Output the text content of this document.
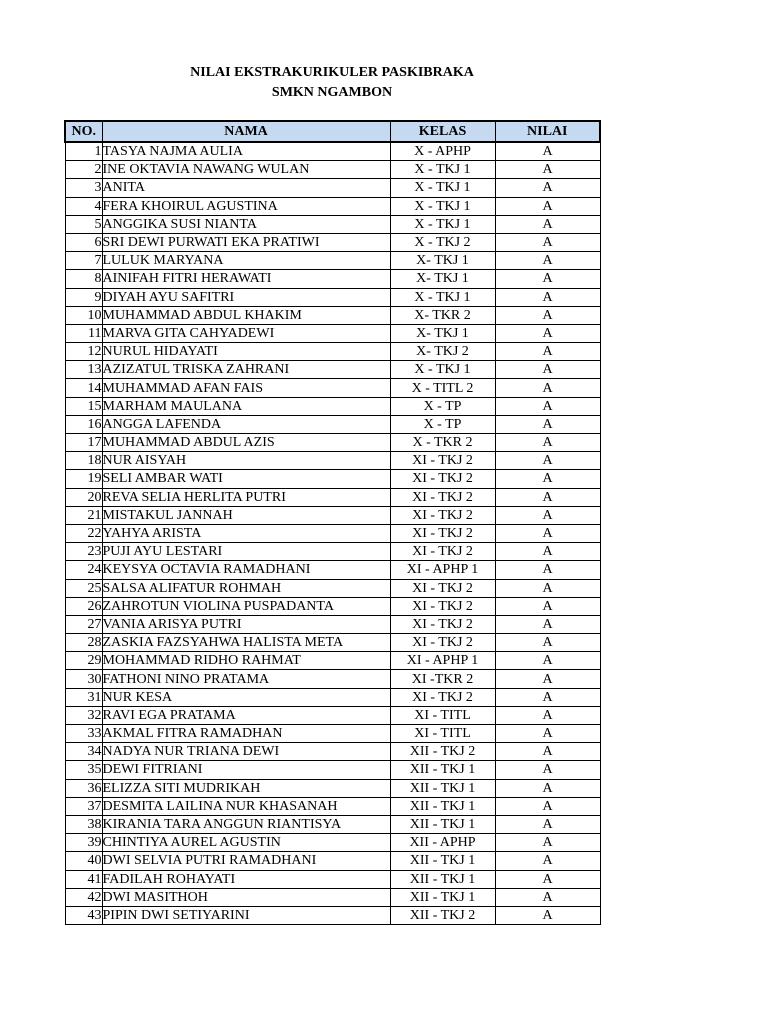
NILAI EKSTRAKURIKULER PASKIBRAKA
SMKN NGAMBON
NO.	NAMA	KELAS	NILAI
1	TASYA NAJMA AULIA	X - APHP	A
2	INE OKTAVIA NAWANG WULAN	X - TKJ 1	A
3	ANITA	X - TKJ 1	A
4	FERA KHOIRUL AGUSTINA	X - TKJ 1	A
5	ANGGIKA SUSI NIANTA	X - TKJ 1	A
6	SRI DEWI PURWATI EKA PRATIWI	X - TKJ 2	A
7	LULUK MARYANA	X- TKJ 1	A
8	AINIFAH FITRI HERAWATI	X- TKJ 1	A
9	DIYAH AYU SAFITRI	X - TKJ 1	A
10	MUHAMMAD ABDUL KHAKIM	X- TKR 2	A
11	MARVA GITA CAHYADEWI	X- TKJ 1	A
12	NURUL HIDAYATI	X- TKJ 2	A
13	AZIZATUL TRISKA ZAHRANI	X - TKJ 1	A
14	MUHAMMAD AFAN FAIS	X - TITL 2	A
15	MARHAM MAULANA	X - TP	A
16	ANGGA LAFENDA	X - TP	A
17	MUHAMMAD ABDUL AZIS	X - TKR 2	A
18	NUR AISYAH	XI - TKJ 2	A
19	SELI AMBAR WATI	XI - TKJ 2	A
20	REVA SELIA HERLITA PUTRI	XI - TKJ 2	A
21	MISTAKUL JANNAH	XI - TKJ 2	A
22	YAHYA ARISTA	XI - TKJ 2	A
23	PUJI AYU LESTARI	XI - TKJ 2	A
24	KEYSYA OCTAVIA RAMADHANI	XI - APHP 1	A
25	SALSA ALIFATUR ROHMAH	XI - TKJ 2	A
26	ZAHROTUN VIOLINA PUSPADANTA	XI - TKJ 2	A
27	VANIA ARISYA PUTRI	XI - TKJ 2	A
28	ZASKIA FAZSYAHWA HALISTA META	XI - TKJ 2	A
29	MOHAMMAD RIDHO RAHMAT	XI - APHP 1	A
30	FATHONI NINO PRATAMA	XI -TKR 2	A
31	NUR KESA	XI - TKJ 2	A
32	RAVI EGA PRATAMA	XI - TITL	A
33	AKMAL FITRA RAMADHAN	XI - TITL	A
34	NADYA NUR TRIANA DEWI	XII - TKJ 2	A
35	DEWI FITRIANI	XII - TKJ 1	A
36	ELIZZA SITI MUDRIKAH	XII - TKJ 1	A
37	DESMITA LAILINA NUR KHASANAH	XII - TKJ 1	A
38	KIRANIA TARA ANGGUN RIANTISYA	XII - TKJ 1	A
39	CHINTIYA AUREL AGUSTIN	XII - APHP	A
40	DWI SELVIA PUTRI RAMADHANI	XII - TKJ 1	A
41	FADILAH ROHAYATI	XII - TKJ 1	A
42	DWI MASITHOH	XII - TKJ 1	A
43	PIPIN DWI SETIYARINI	XII - TKJ 2	A
